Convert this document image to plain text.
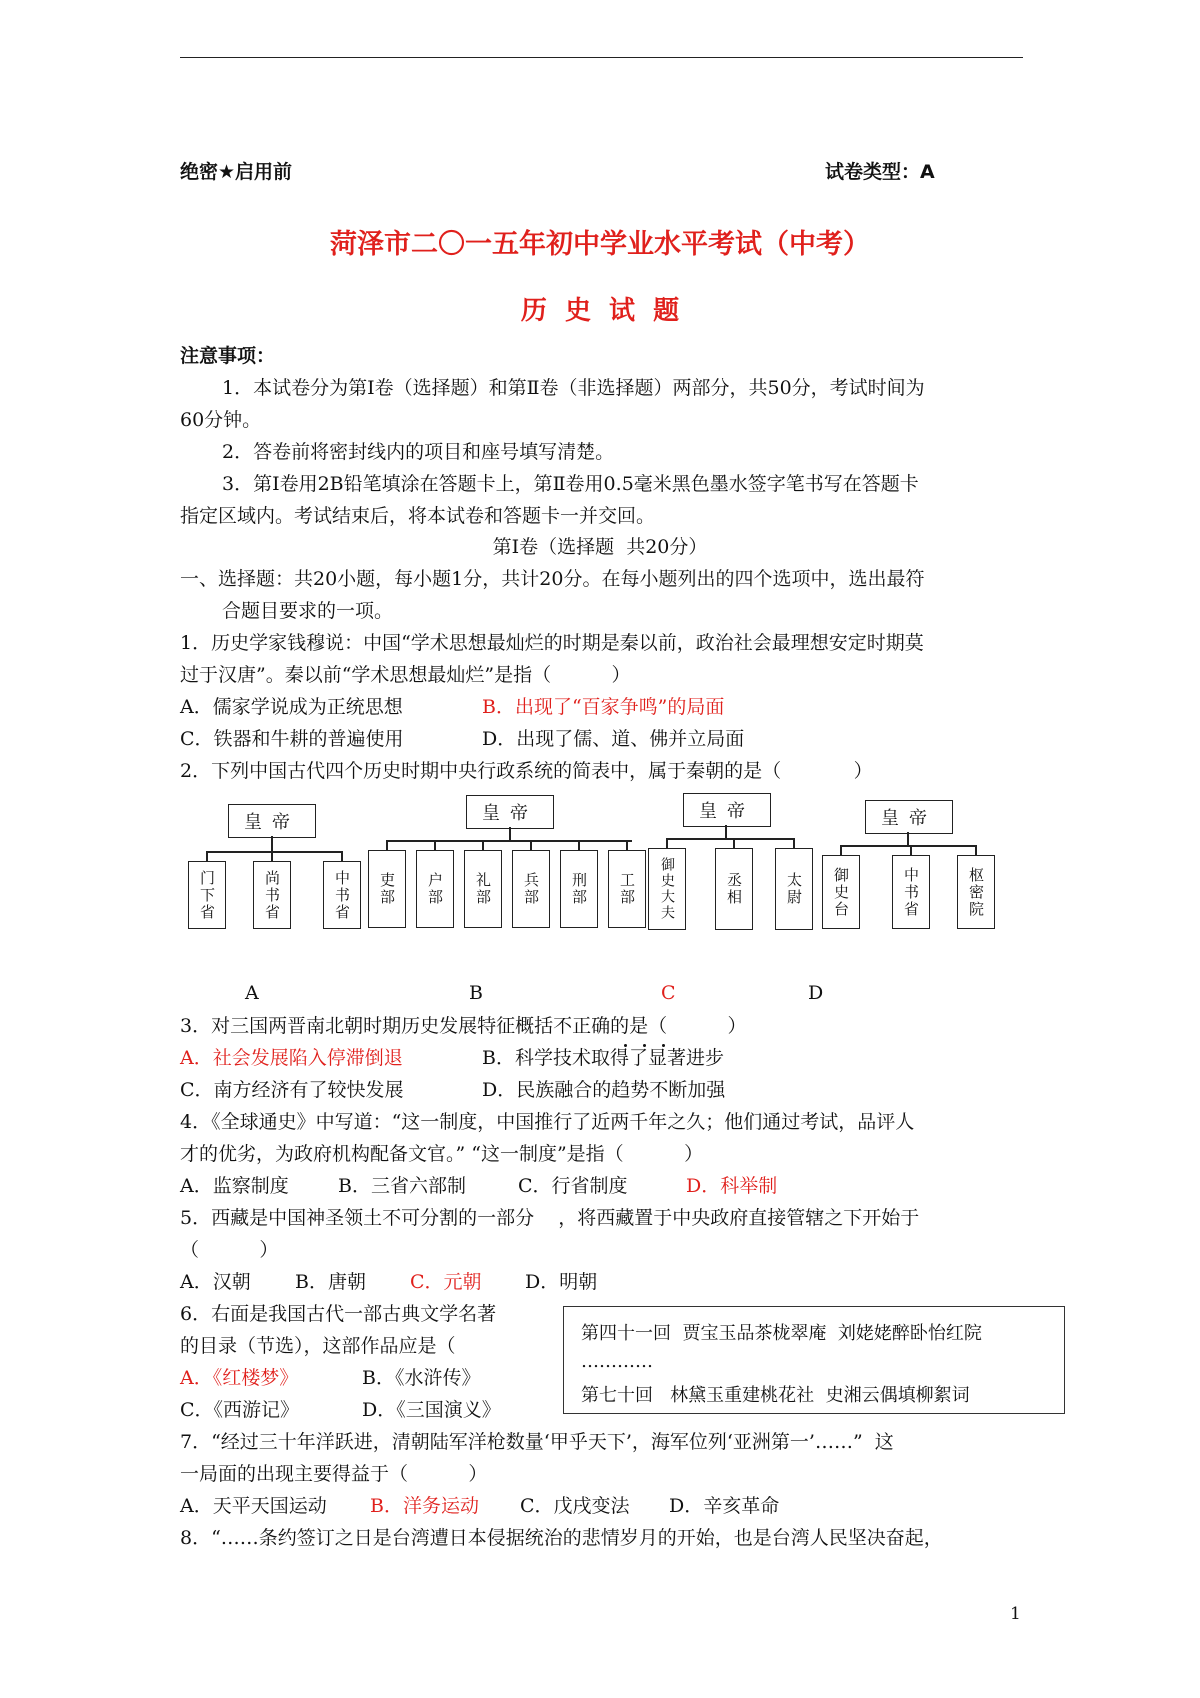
绝密★启用前	试卷类型：A
菏泽市二〇一五年初中学业水平考试（中考）
历  史  试  题
注意事项：
1．本试卷分为第Ⅰ卷（选择题）和第Ⅱ卷（非选择题）两部分，共50分，考试时间为
60分钟。
2．答卷前将密封线内的项目和座号填写清楚。
3．第Ⅰ卷用2B铅笔填涂在答题卡上，第Ⅱ卷用0.5毫米黑色墨水签字笔书写在答题卡
指定区域内。考试结束后，将本试卷和答题卡一并交回。
第Ⅰ卷（选择题  共20分）
一、选择题：共20小题，每小题1分，共计20分。在每小题列出的四个选项中，选出最符
合题目要求的一项。
1．历史学家钱穆说：中国“学术思想最灿烂的时期是秦以前，政治社会最理想安定时期莫
过于汉唐”。秦以前“学术思想最灿烂”是指（          ）
A．儒家学说成为正统思想	B．出现了“百家争鸣”的局面
C．铁器和牛耕的普遍使用	D．出现了儒、道、佛并立局面
2．下列中国古代四个历史时期中央行政系统的简表中，属于秦朝的是（            ）
皇帝
门下省	尚书省	中书省
皇帝
吏部 户部 礼部 兵部 刑部 工部
皇帝
御史大夫	丞相	太尉
皇帝
御史台	中书省	枢密院
A	B	C	D
3．对三国两晋南北朝时期历史发展特征概括不正确的是（          ）
A．社会发展陷入停滞倒退	B．科学技术取得了显著进步
C．南方经济有了较快发展	D．民族融合的趋势不断加强
4．《全球通史》中写道：“这一制度，中国推行了近两千年之久；他们通过考试，品评人
才的优劣，为政府机构配备文官。” “这一制度”是指（          ）
A．监察制度	B．三省六部制	C．行省制度	D．科举制
5．西藏是中国神圣领土不可分割的一部分    ，将西藏置于中央政府直接管辖之下开始于
（          ）
A．汉朝 B．唐朝 C．元朝 D．明朝
6．右面是我国古代一部古典文学名著
的目录（节选），这部作品应是（
A．《红楼梦》	B．《水浒传》
C．《西游记》	D．《三国演义》
第四十一回  贾宝玉品茶栊翠庵  刘姥姥醉卧怡红院
…………
第七十回   林黛玉重建桃花社  史湘云偶填柳絮词
7．“经过三十年洋跃进，清朝陆军洋枪数量‘甲乎天下’，海军位列‘亚洲第一’……”  这
一局面的出现主要得益于（          ）
A．天平天国运动 B．洋务运动 C．戊戌变法 D．辛亥革命
8．“……条约签订之日是台湾遭日本侵据统治的悲情岁月的开始，也是台湾人民坚决奋起，
1
